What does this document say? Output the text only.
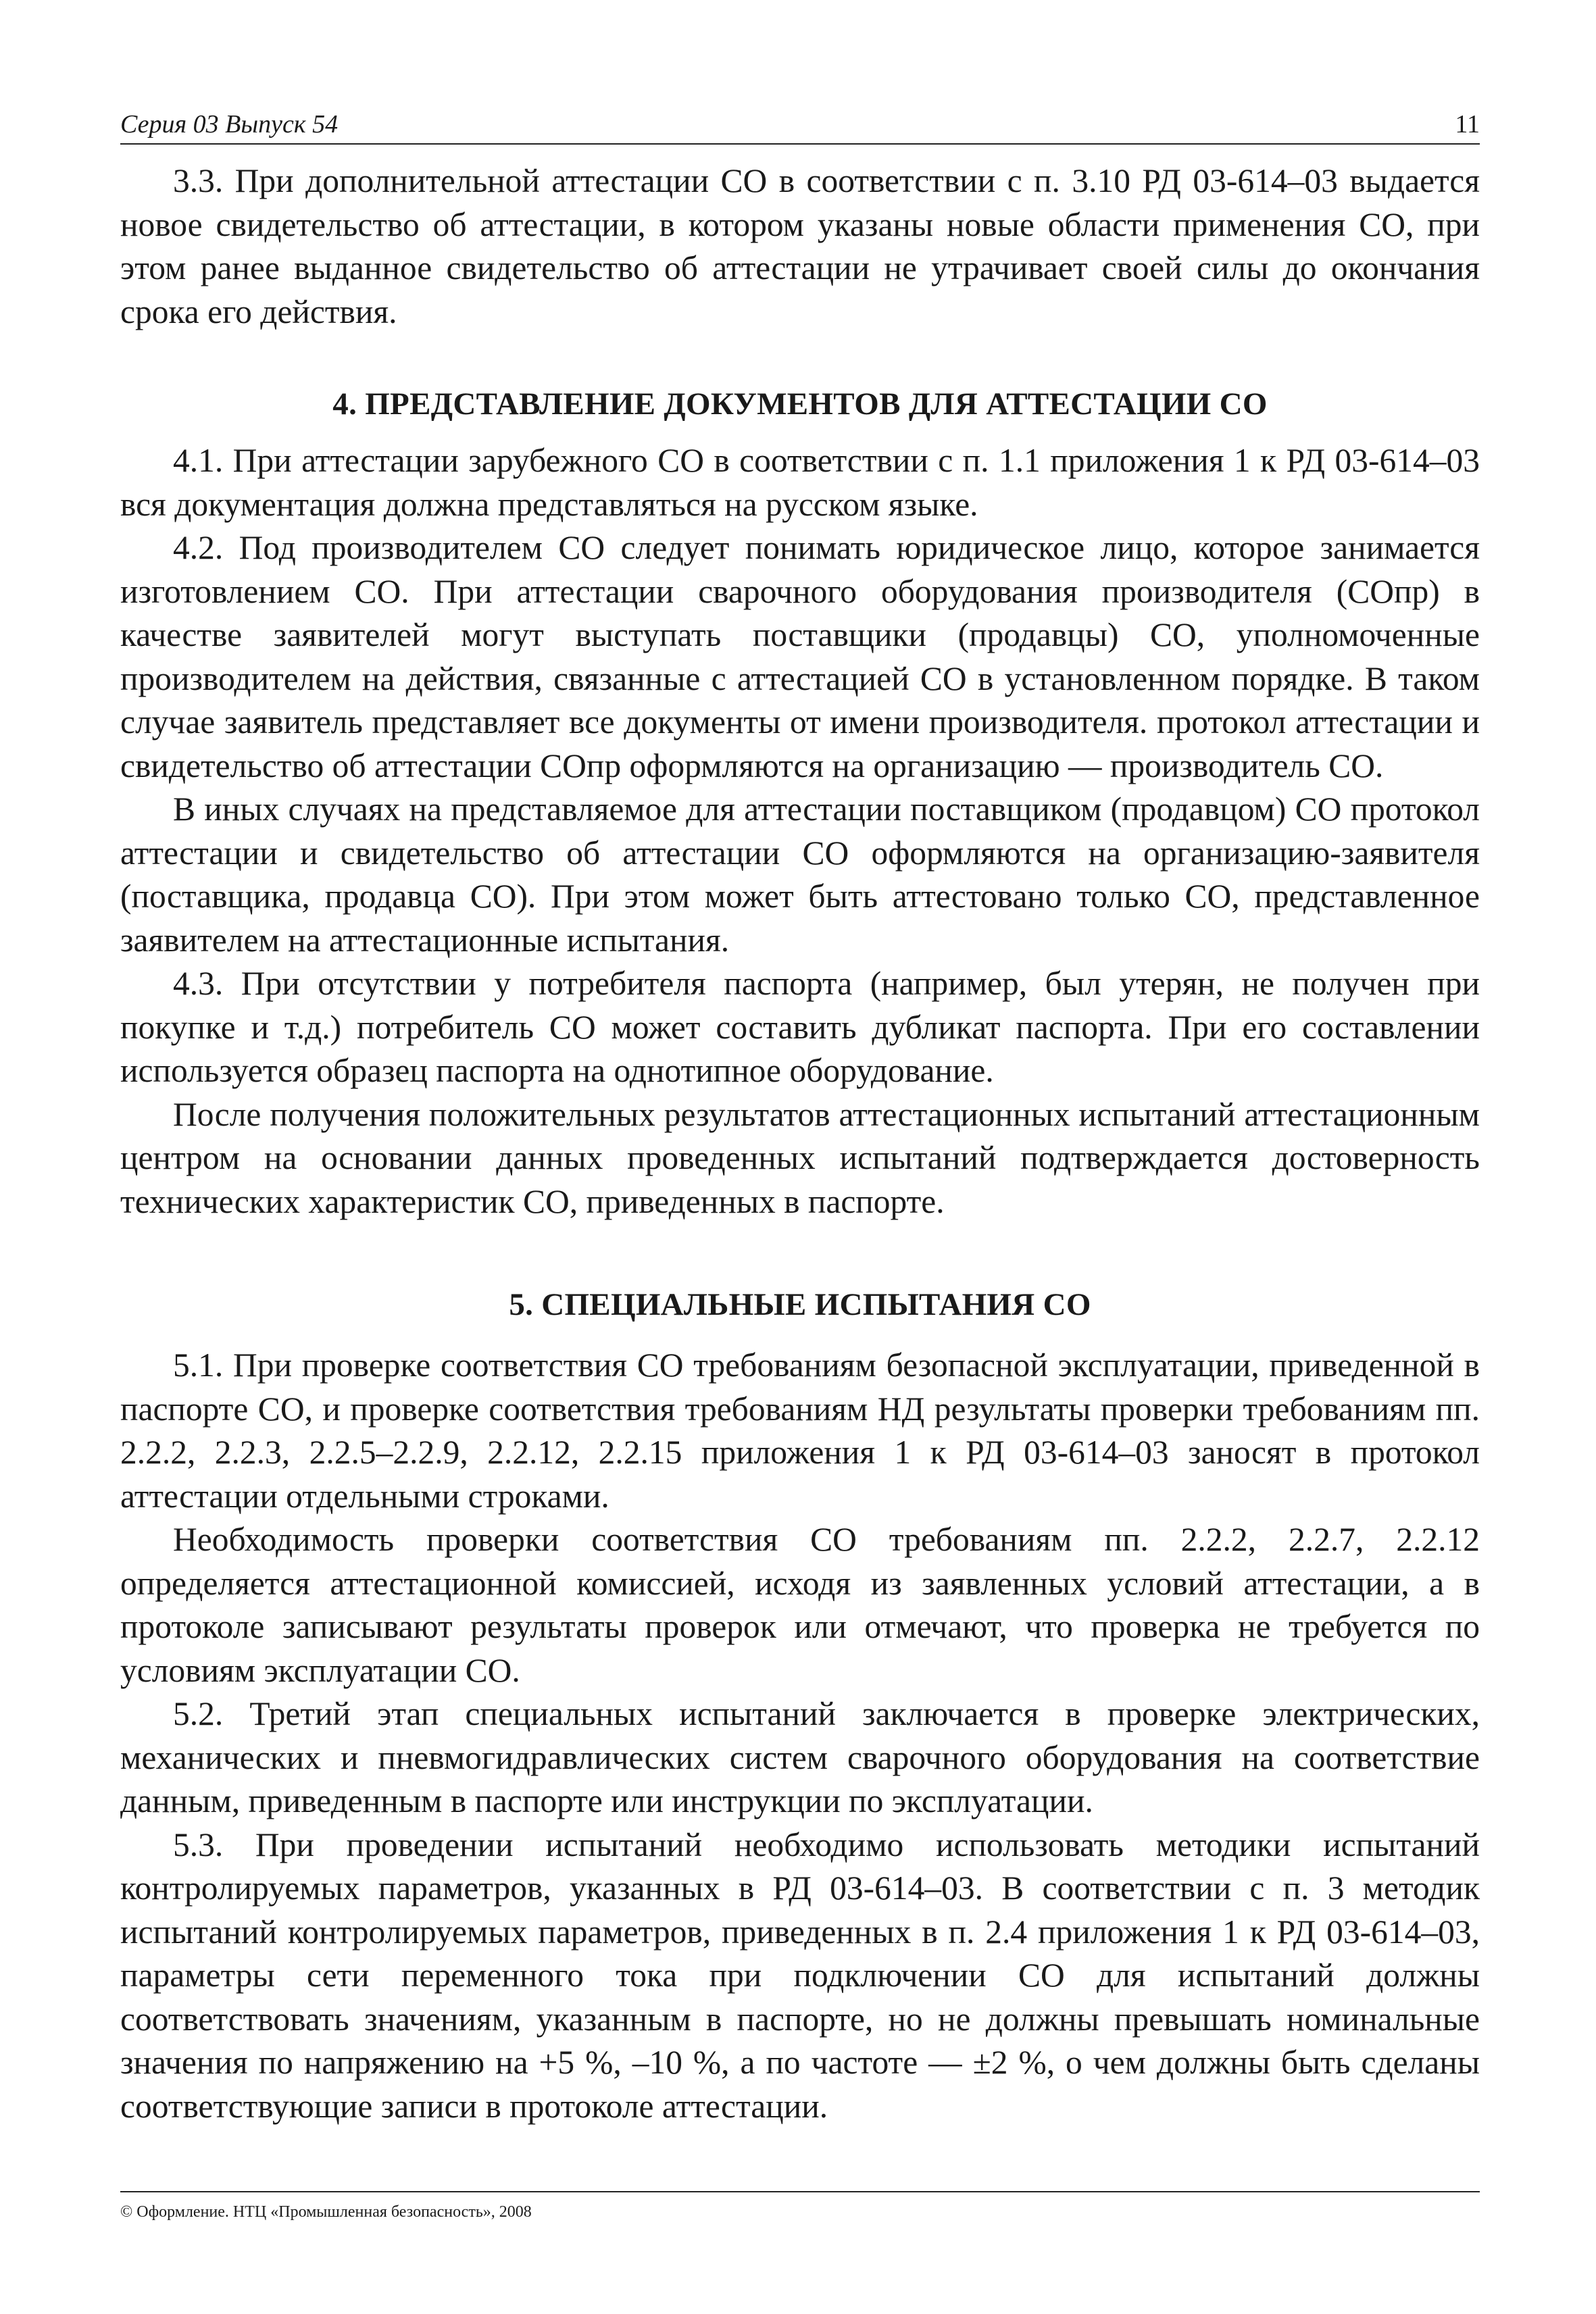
Серия 03 Выпуск 54	11

3.3. При дополнительной аттестации СО в соответствии с п. 3.10 РД 03-614–03 выдается новое свидетельство об аттестации, в котором указаны новые области применения СО, при этом ранее выданное свидетельство об аттестации не утрачивает своей силы до окончания срока его действия.

4. ПРЕДСТАВЛЕНИЕ ДОКУМЕНТОВ ДЛЯ АТТЕСТАЦИИ СО

4.1. При аттестации зарубежного СО в соответствии с п. 1.1 приложения 1 к РД 03-614–03 вся документация должна представляться на русском языке.

4.2. Под производителем СО следует понимать юридическое лицо, которое занимается изготовлением СО. При аттестации сварочного оборудования производителя (СОпр) в качестве заявителей могут выступать поставщики (продавцы) СО, уполномоченные производителем на действия, связанные с аттестацией СО в установленном порядке. В таком случае заявитель представляет все документы от имени производителя. протокол аттестации и свидетельство об аттестации СОпр оформляются на организацию — производитель СО.

В иных случаях на представляемое для аттестации поставщиком (продавцом) СО протокол аттестации и свидетельство об аттестации СО оформляются на организацию-заявителя (поставщика, продавца СО). При этом может быть аттестовано только СО, представленное заявителем на аттестационные испытания.

4.3. При отсутствии у потребителя паспорта (например, был утерян, не получен при покупке и т.д.) потребитель СО может составить дубликат паспорта. При его составлении используется образец паспорта на однотипное оборудование.

После получения положительных результатов аттестационных испытаний аттестационным центром на основании данных проведенных испытаний подтверждается достоверность технических характеристик СО, приведенных в паспорте.

5. СПЕЦИАЛЬНЫЕ ИСПЫТАНИЯ СО

5.1. При проверке соответствия СО требованиям безопасной эксплуатации, приведенной в паспорте СО, и проверке соответствия требованиям НД результаты проверки требованиям пп. 2.2.2, 2.2.3, 2.2.5–2.2.9, 2.2.12, 2.2.15 приложения 1 к РД 03-614–03 заносят в протокол аттестации отдельными строками.

Необходимость проверки соответствия СО требованиям пп. 2.2.2, 2.2.7, 2.2.12 определяется аттестационной комиссией, исходя из заявленных условий аттестации, а в протоколе записывают результаты проверок или отмечают, что проверка не требуется по условиям эксплуатации СО.

5.2. Третий этап специальных испытаний заключается в проверке электрических, механических и пневмогидравлических систем сварочного оборудования на соответствие данным, приведенным в паспорте или инструкции по эксплуатации.

5.3. При проведении испытаний необходимо использовать методики испытаний контролируемых параметров, указанных в РД 03-614–03. В соответствии с п. 3 методик испытаний контролируемых параметров, приведенных в п. 2.4 приложения 1 к РД 03-614–03, параметры сети переменного тока при подключении СО для испытаний должны соответствовать значениям, указанным в паспорте, но не должны превышать номинальные значения по напряжению на +5 %, –10 %, а по частоте — ±2 %, о чем должны быть сделаны соответствующие записи в протоколе аттестации.

© Оформление. НТЦ «Промышленная безопасность», 2008
